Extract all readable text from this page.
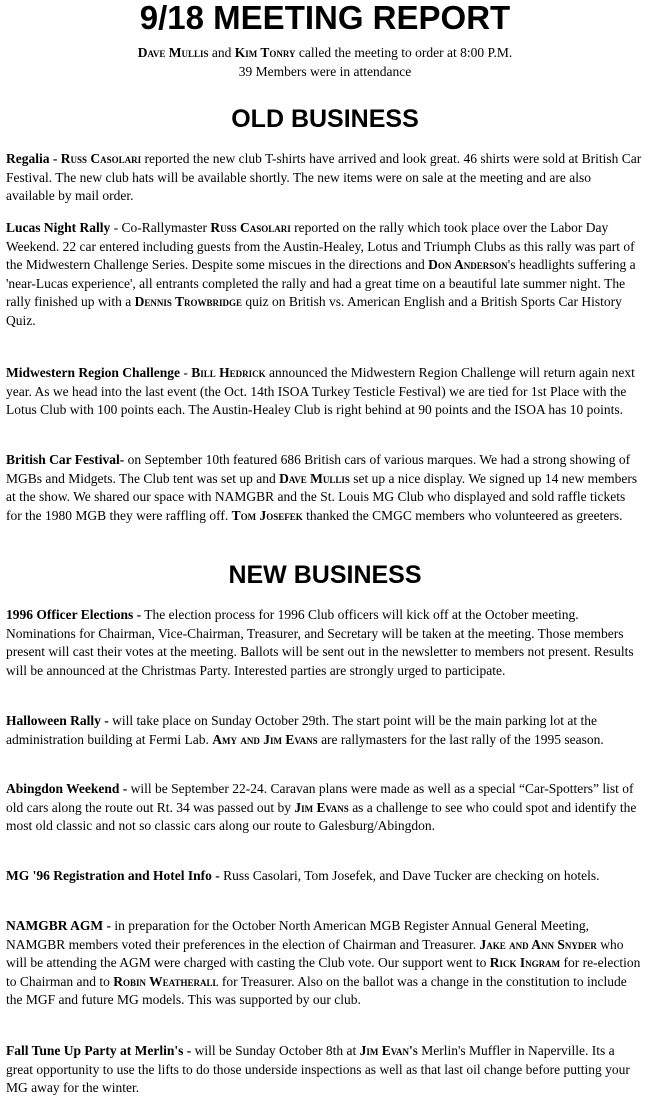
9/18 MEETING REPORT
Dave Mullis and Kim Tonry called the meeting to order at 8:00 P.M.
39 Members were in attendance
OLD BUSINESS

Regalia - Russ Casolari reported the new club T-shirts have arrived and look great. 46 shirts were sold at British Car Festival. The new club hats will be available shortly. The new items were on sale at the meeting and are also available by mail order.

Lucas Night Rally - Co-Rallymaster Russ Casolari reported on the rally which took place over the Labor Day Weekend. 22 car entered including guests from the Austin-Healey, Lotus and Triumph Clubs as this rally was part of the Midwestern Challenge Series. Despite some miscues in the directions and Don Anderson's headlights suffering a 'near-Lucas experience', all entrants completed the rally and had a great time on a beautiful late summer night. The rally finished up with a Dennis Trowbridge quiz on British vs. American English and a British Sports Car History Quiz.

Midwestern Region Challenge - Bill Hedrick announced the Midwestern Region Challenge will return again next year. As we head into the last event (the Oct. 14th ISOA Turkey Testicle Festival) we are tied for 1st Place with the Lotus Club with 100 points each. The Austin-Healey Club is right behind at 90 points and the ISOA has 10 points.

British Car Festival- on September 10th featured 686 British cars of various marques. We had a strong showing of MGBs and Midgets. The Club tent was set up and Dave Mullis set up a nice display. We signed up 14 new members at the show. We shared our space with NAMGBR and the St. Louis MG Club who displayed and sold raffle tickets for the 1980 MGB they were raffling off. Tom Josefek thanked the CMGC members who volunteered as greeters.

NEW BUSINESS

1996 Officer Elections - The election process for 1996 Club officers will kick off at the October meeting. Nominations for Chairman, Vice-Chairman, Treasurer, and Secretary will be taken at the meeting. Those members present will cast their votes at the meeting. Ballots will be sent out in the newsletter to members not present. Results will be announced at the Christmas Party. Interested parties are strongly urged to participate.

Halloween Rally - will take place on Sunday October 29th. The start point will be the main parking lot at the administration building at Fermi Lab. Amy and Jim Evans are rallymasters for the last rally of the 1995 season.

Abingdon Weekend - will be September 22-24. Caravan plans were made as well as a special “Car-Spotters” list of old cars along the route out Rt. 34 was passed out by Jim Evans as a challenge to see who could spot and identify the most old classic and not so classic cars along our route to Galesburg/Abingdon.

MG '96 Registration and Hotel Info - Russ Casolari, Tom Josefek, and Dave Tucker are checking on hotels.

NAMGBR AGM - in preparation for the October North American MGB Register Annual General Meeting, NAMGBR members voted their preferences in the election of Chairman and Treasurer. Jake and Ann Snyder who will be attending the AGM were charged with casting the Club vote. Our support went to Rick Ingram for re-election to Chairman and to Robin Weatherall for Treasurer. Also on the ballot was a change in the constitution to include the MGF and future MG models. This was supported by our club.

Fall Tune Up Party at Merlin's - will be Sunday October 8th at Jim Evan's Merlin's Muffler in Naperville. Its a great opportunity to use the lifts to do those underside inspections as well as that last oil change before putting your MG away for the winter.
